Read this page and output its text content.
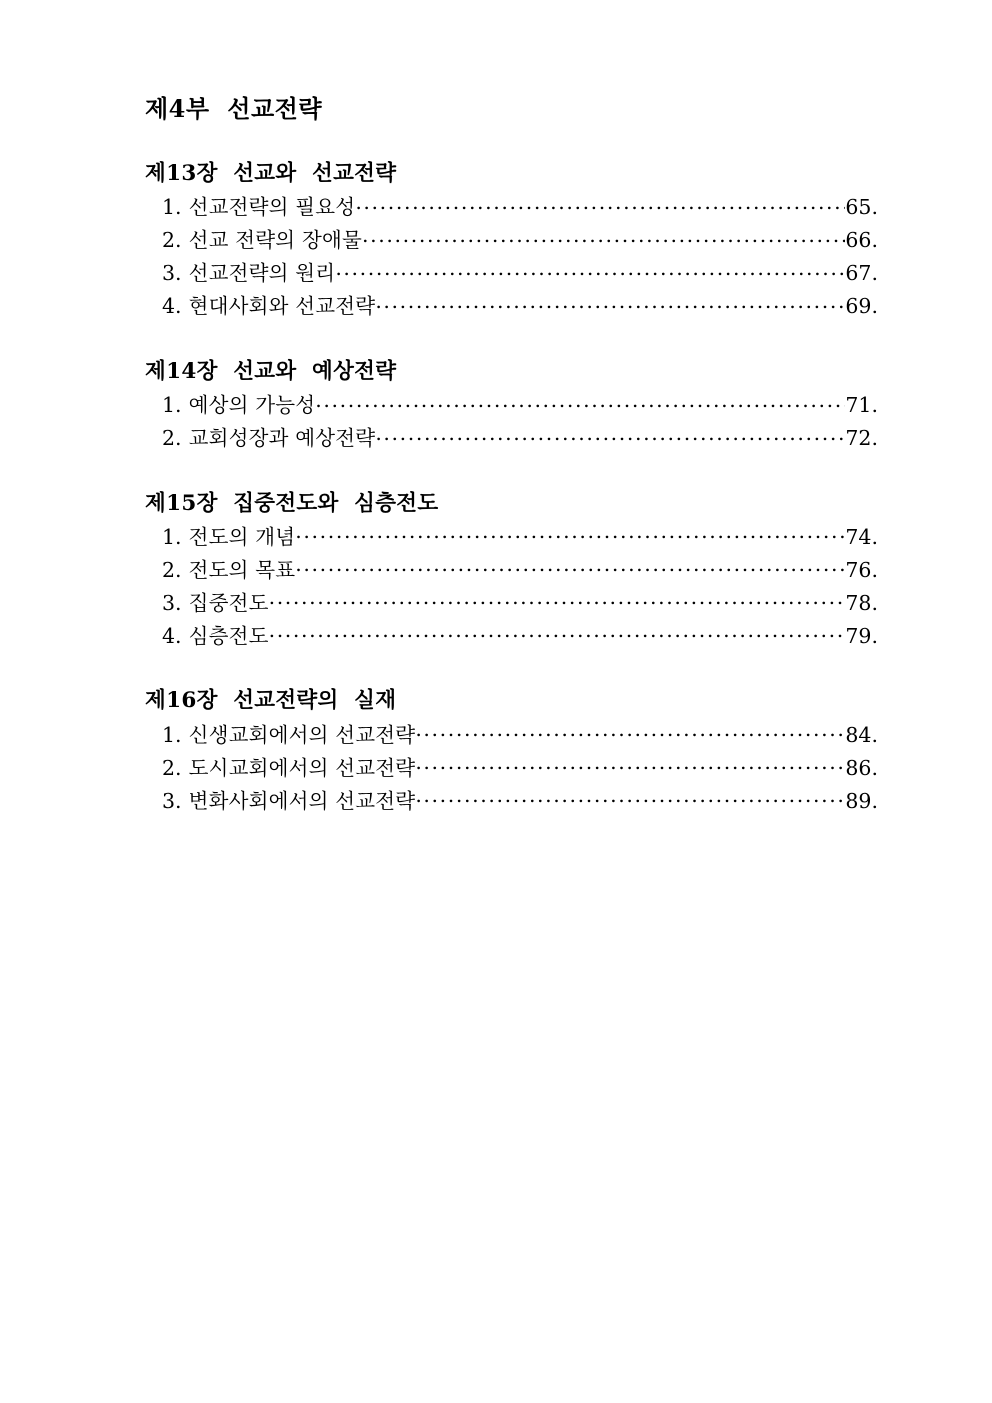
제4부  선교전략
제13장  선교와  선교전략
1. 선교전략의 필요성 .....	65.
2. 선교 전략의 장애물 .....	66.
3. 선교전략의 원리 .....	67.
4. 현대사회와 선교전략 .....	69.
제14장  선교와  예상전략
1. 예상의 가능성 .....	71.
2. 교회성장과 예상전략 .....	72.
제15장  집중전도와  심층전도
1. 전도의 개념 .....	74.
2. 전도의 목표 .....	76.
3. 집중전도 .....	78.
4. 심층전도 .....	79.
제16장  선교전략의  실재
1. 신생교회에서의 선교전략 .....	84.
2. 도시교회에서의 선교전략 .....	86.
3. 변화사회에서의 선교전략 .....	89.
